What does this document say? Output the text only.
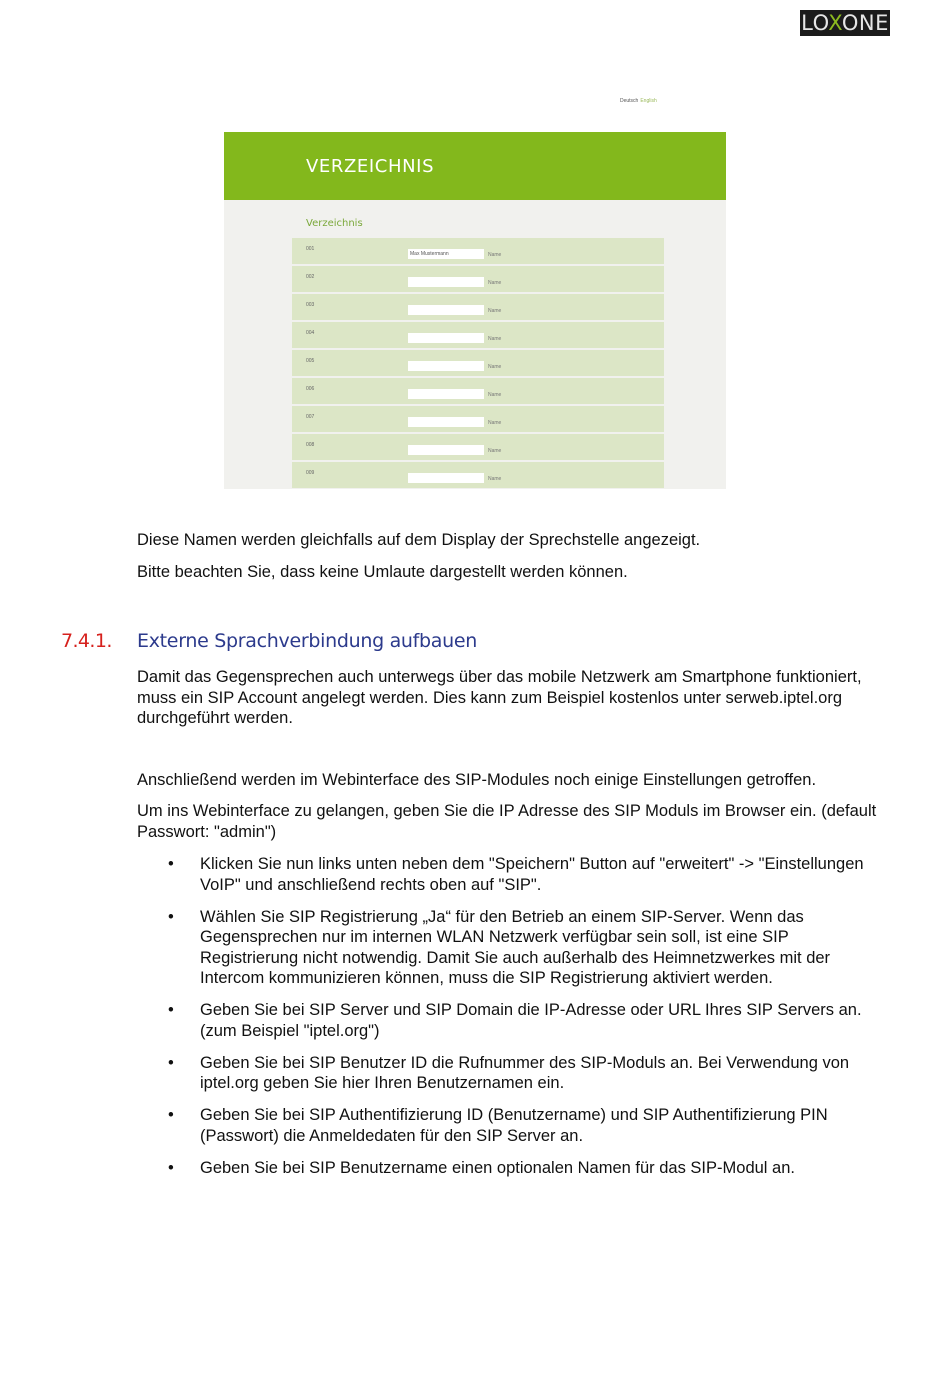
LOXONE
Deutsch English
VERZEICHNIS
Verzeichnis
001
Max Mustermann
Name
002
Name
003
Name
004
Name
005
Name
006
Name
007
Name
008
Name
009
Name

Diese Namen werden gleichfalls auf dem Display der Sprechstelle angezeigt.

Bitte beachten Sie, dass keine Umlaute dargestellt werden können.

7.4.1. Externe Sprachverbindung aufbauen

Damit das Gegensprechen auch unterwegs über das mobile Netzwerk am Smartphone funktioniert, muss ein SIP Account angelegt werden. Dies kann zum Beispiel kostenlos unter serweb.iptel.org durchgeführt werden.

Anschließend werden im Webinterface des SIP-Modules noch einige Einstellungen getroffen.

Um ins Webinterface zu gelangen, geben Sie die IP Adresse des SIP Moduls im Browser ein. (default Passwort: "admin")

• Klicken Sie nun links unten neben dem "Speichern" Button auf "erweitert" -> "Einstellungen VoIP" und anschließend rechts oben auf "SIP".
• Wählen Sie SIP Registrierung „Ja“ für den Betrieb an einem SIP-Server. Wenn das Gegensprechen nur im internen WLAN Netzwerk verfügbar sein soll, ist eine SIP Registrierung nicht notwendig. Damit Sie auch außerhalb des Heimnetzwerkes mit der Intercom kommunizieren können, muss die SIP Registrierung aktiviert werden.
• Geben Sie bei SIP Server und SIP Domain die IP-Adresse oder URL Ihres SIP Servers an. (zum Beispiel "iptel.org")
• Geben Sie bei SIP Benutzer ID die Rufnummer des SIP-Moduls an. Bei Verwendung von iptel.org geben Sie hier Ihren Benutzernamen ein.
• Geben Sie bei SIP Authentifizierung ID (Benutzername) und SIP Authentifizierung PIN (Passwort) die Anmeldedaten für den SIP Server an.
• Geben Sie bei SIP Benutzername einen optionalen Namen für das SIP-Modul an.
